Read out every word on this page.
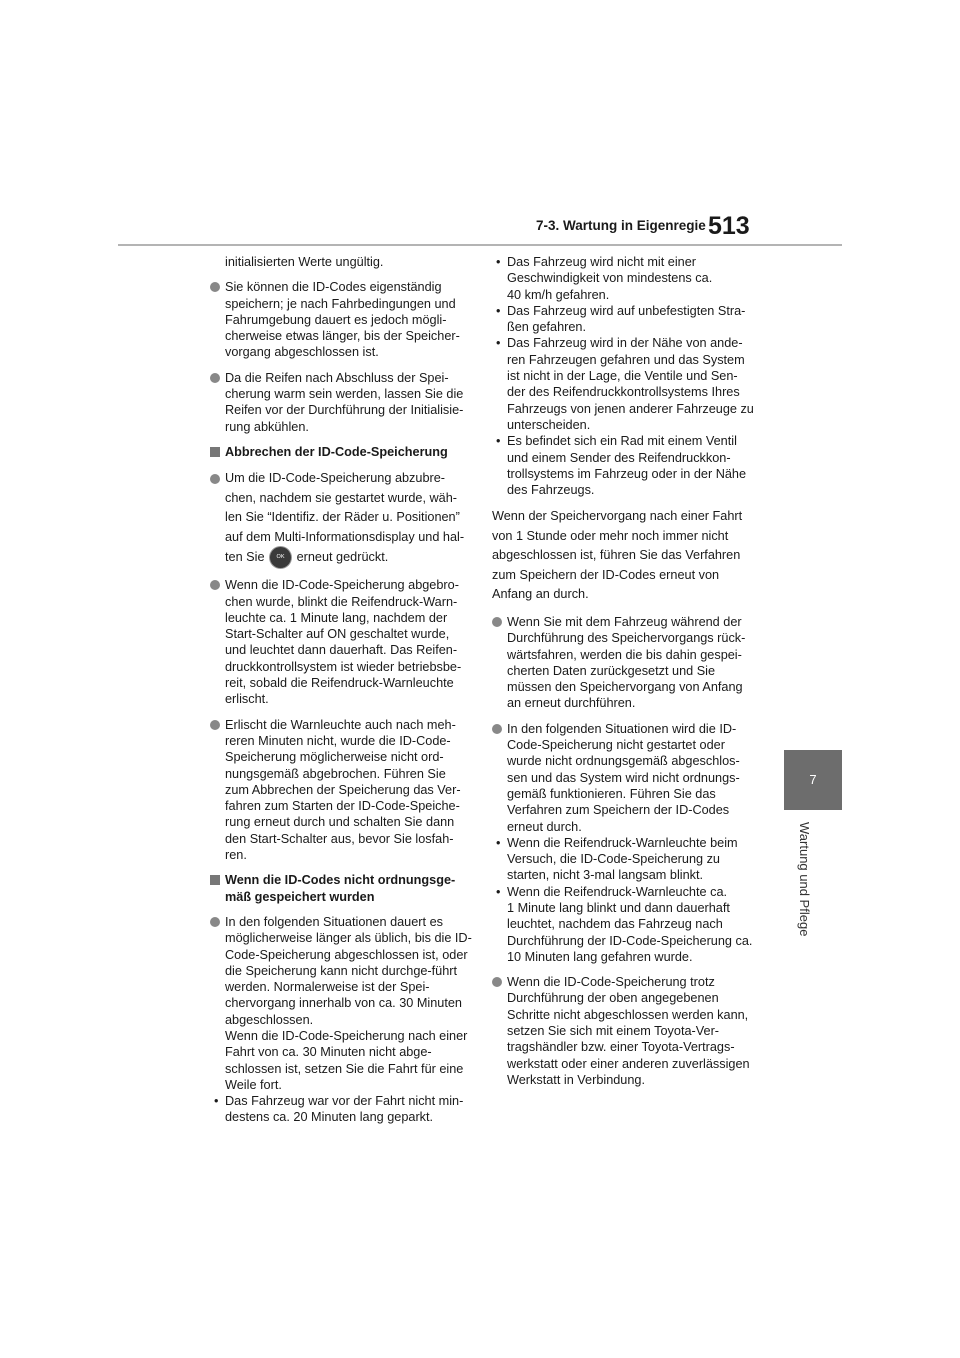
7-3. Wartung in Eigenregie 513
7
Wartung und Pflege

initialisierten Werte ungültig.

Sie können die ID-Codes eigenständig speichern; je nach Fahrbedingungen und Fahrumgebung dauert es jedoch mögli-cherweise etwas länger, bis der Speicher-vorgang abgeschlossen ist.

Da die Reifen nach Abschluss der Spei-cherung warm sein werden, lassen Sie die Reifen vor der Durchführung der Initialisie-rung abkühlen.

Abbrechen der ID-Code-Speicherung

Um die ID-Code-Speicherung abzubre-chen, nachdem sie gestartet wurde, wäh-len Sie “Identifiz. der Räder u. Positionen” auf dem Multi-Informationsdisplay und hal-ten Sie OK erneut gedrückt.

Wenn die ID-Code-Speicherung abgebro-chen wurde, blinkt die Reifendruck-Warn-leuchte ca. 1 Minute lang, nachdem der Start-Schalter auf ON geschaltet wurde, und leuchtet dann dauerhaft. Das Reifen-druckkontrollsystem ist wieder betriebsbe-reit, sobald die Reifendruck-Warnleuchte erlischt.

Erlischt die Warnleuchte auch nach meh-reren Minuten nicht, wurde die ID-Code-Speicherung möglicherweise nicht ord-nungsgemäß abgebrochen. Führen Sie zum Abbrechen der Speicherung das Ver-fahren zum Starten der ID-Code-Speiche-rung erneut durch und schalten Sie dann den Start-Schalter aus, bevor Sie losfah-ren.

Wenn die ID-Codes nicht ordnungsge-mäß gespeichert wurden

In den folgenden Situationen dauert es möglicherweise länger als üblich, bis die ID-Code-Speicherung abgeschlossen ist, oder die Speicherung kann nicht durchge-führt werden. Normalerweise ist der Spei-chervorgang innerhalb von ca. 30 Minuten abgeschlossen.
Wenn die ID-Code-Speicherung nach einer Fahrt von ca. 30 Minuten nicht abge-schlossen ist, setzen Sie die Fahrt für eine Weile fort.

• Das Fahrzeug war vor der Fahrt nicht min-destens ca. 20 Minuten lang geparkt.
• Das Fahrzeug wird nicht mit einer Geschwindigkeit von mindestens ca.
40 km/h gefahren.
• Das Fahrzeug wird auf unbefestigten Stra-ßen gefahren.
• Das Fahrzeug wird in der Nähe von ande-ren Fahrzeugen gefahren und das System ist nicht in der Lage, die Ventile und Sen-der des Reifendruckkontrollsystems Ihres Fahrzeugs von jenen anderer Fahrzeuge zu unterscheiden.
• Es befindet sich ein Rad mit einem Ventil und einem Sender des Reifendruckkon-trollsystems im Fahrzeug oder in der Nähe des Fahrzeugs.

Wenn der Speichervorgang nach einer Fahrt von 1 Stunde oder mehr noch immer nicht abgeschlossen ist, führen Sie das Verfahren zum Speichern der ID-Codes erneut von Anfang an durch.

Wenn Sie mit dem Fahrzeug während der Durchführung des Speichervorgangs rück-wärtsfahren, werden die bis dahin gespei-cherten Daten zurückgesetzt und Sie müssen den Speichervorgang von Anfang an erneut durchführen.

In den folgenden Situationen wird die ID-Code-Speicherung nicht gestartet oder wurde nicht ordnungsgemäß abgeschlos-sen und das System wird nicht ordnungs-gemäß funktionieren. Führen Sie das Verfahren zum Speichern der ID-Codes erneut durch.

• Wenn die Reifendruck-Warnleuchte beim Versuch, die ID-Code-Speicherung zu starten, nicht 3-mal langsam blinkt.
• Wenn die Reifendruck-Warnleuchte ca.
1 Minute lang blinkt und dann dauerhaft leuchtet, nachdem das Fahrzeug nach Durchführung der ID-Code-Speicherung ca. 10 Minuten lang gefahren wurde.

Wenn die ID-Code-Speicherung trotz Durchführung der oben angegebenen Schritte nicht abgeschlossen werden kann, setzen Sie sich mit einem Toyota-Ver-tragshändler bzw. einer Toyota-Vertrags-werkstatt oder einer anderen zuverlässigen Werkstatt in Verbindung.
